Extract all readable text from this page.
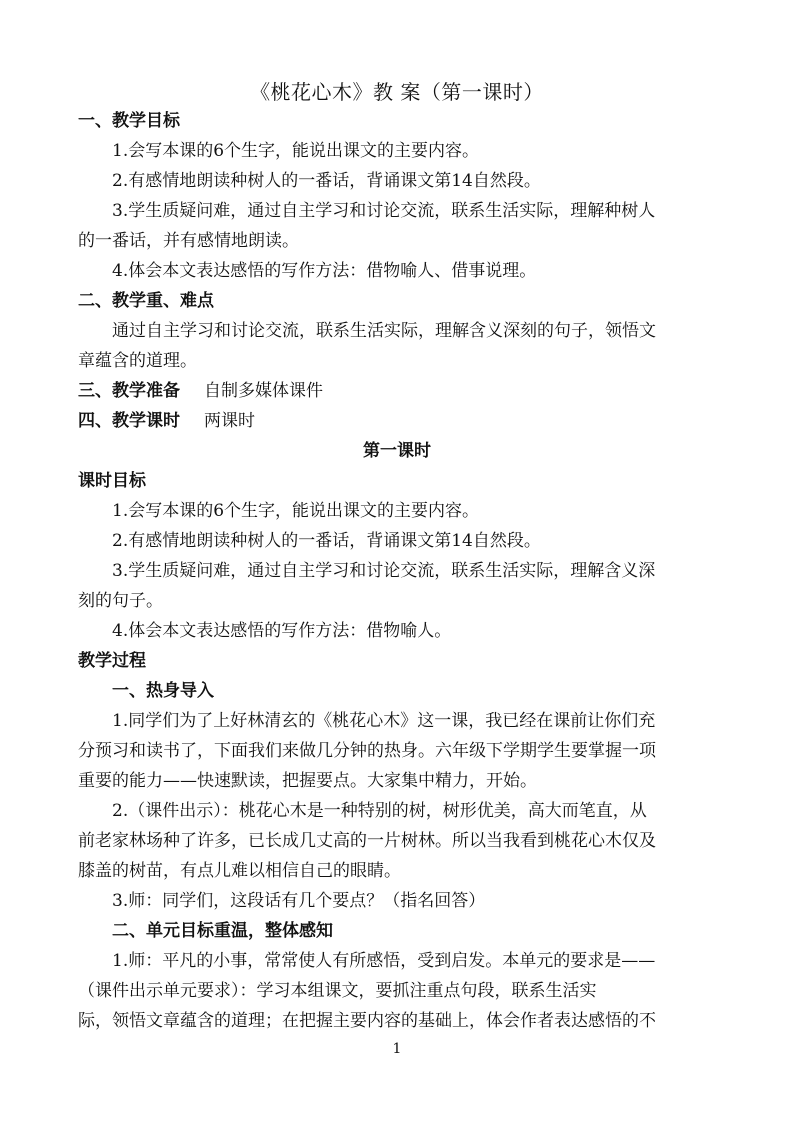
《桃花心木》教 案（第一课时）
一、教学目标
1.会写本课的6个生字，能说出课文的主要内容。
2.有感情地朗读种树人的一番话，背诵课文第14自然段。
3.学生质疑问难，通过自主学习和讨论交流，联系生活实际，理解种树人
的一番话，并有感情地朗读。
4.体会本文表达感悟的写作方法：借物喻人、借事说理。
二、教学重、难点
通过自主学习和讨论交流，联系生活实际，理解含义深刻的句子，领悟文
章蕴含的道理。
三、教学准备 自制多媒体课件
四、教学课时 两课时
第一课时
课时目标
1.会写本课的6个生字，能说出课文的主要内容。
2.有感情地朗读种树人的一番话，背诵课文第14自然段。
3.学生质疑问难，通过自主学习和讨论交流，联系生活实际，理解含义深
刻的句子。
4.体会本文表达感悟的写作方法：借物喻人。
教学过程
一、热身导入
1.同学们为了上好林清玄的《桃花心木》这一课，我已经在课前让你们充
分预习和读书了，下面我们来做几分钟的热身。六年级下学期学生要掌握一项
重要的能力——快速默读，把握要点。大家集中精力，开始。
2.（课件出示）：桃花心木是一种特别的树，树形优美，高大而笔直，从
前老家林场种了许多，已长成几丈高的一片树林。所以当我看到桃花心木仅及
膝盖的树苗，有点儿难以相信自己的眼睛。
3.师：同学们，这段话有几个要点？（指名回答）
二、单元目标重温，整体感知
1.师：平凡的小事，常常使人有所感悟，受到启发。本单元的要求是——
（课件出示单元要求）：学习本组课文，要抓注重点句段，联系生活实
际，领悟文章蕴含的道理；在把握主要内容的基础上，体会作者表达感悟的不
1
